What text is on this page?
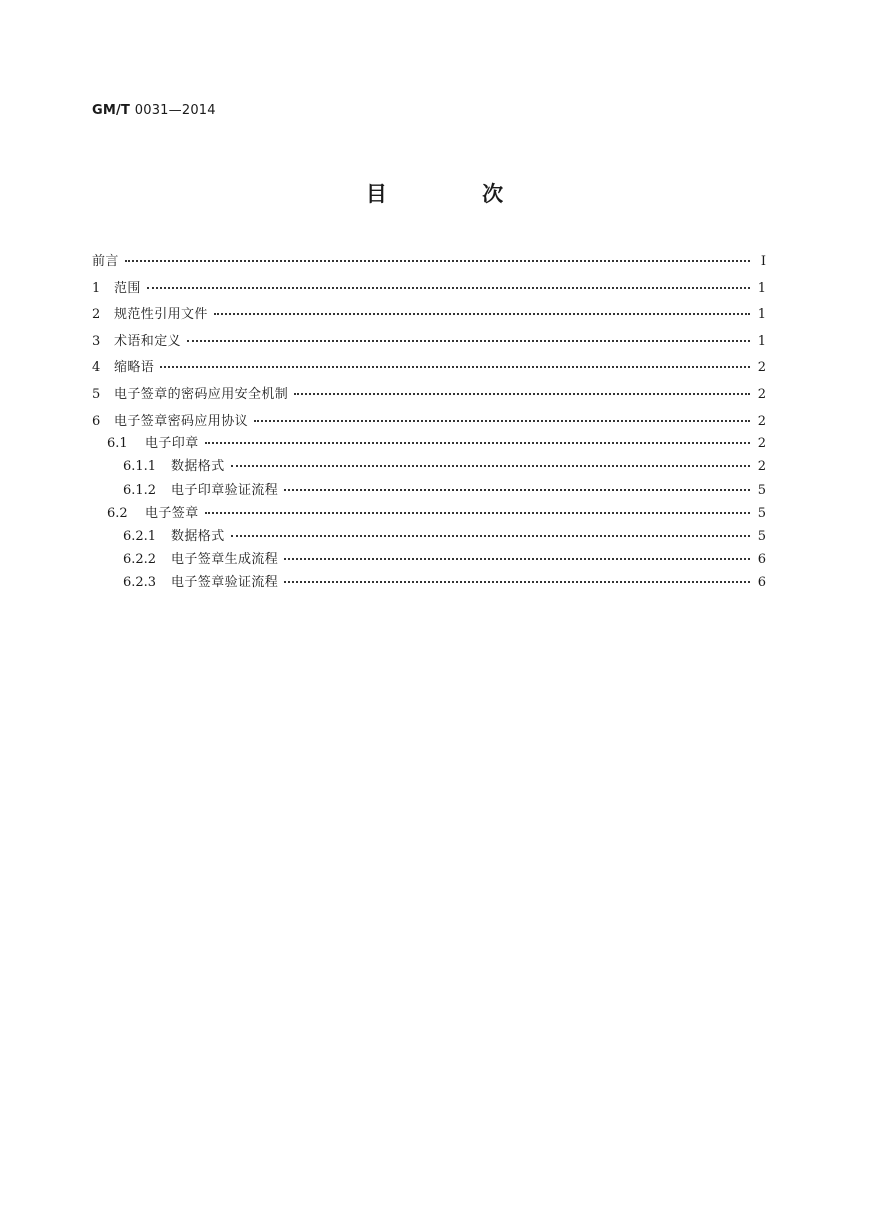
GM/T 0031—2014
目 次
前言	Ⅰ
1	范围	1
2	规范性引用文件	1
3	术语和定义	1
4	缩略语	2
5	电子签章的密码应用安全机制	2
6	电子签章密码应用协议	2
6.1	电子印章	2
6.1.1	数据格式	2
6.1.2	电子印章验证流程	5
6.2	电子签章	5
6.2.1	数据格式	5
6.2.2	电子签章生成流程	6
6.2.3	电子签章验证流程	6
